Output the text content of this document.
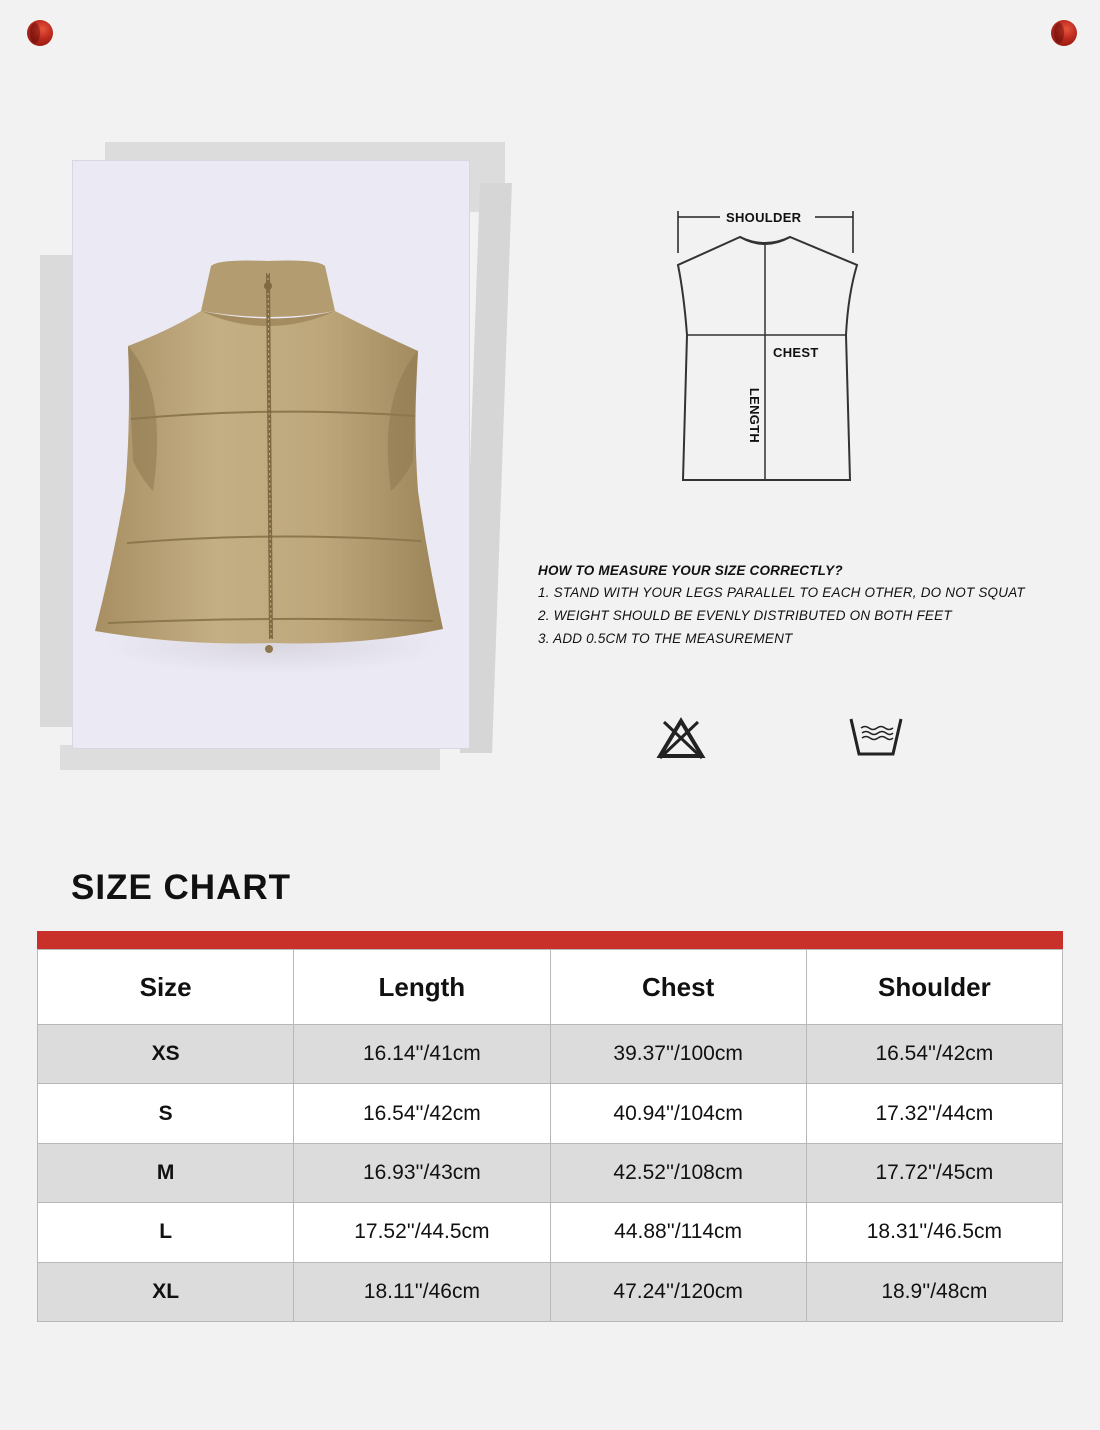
SHOULDER
CHEST
LENGTH
HOW TO MEASURE YOUR SIZE CORRECTLY?
1. STAND WITH YOUR LEGS PARALLEL TO EACH OTHER, DO NOT SQUAT
2. WEIGHT SHOULD BE EVENLY DISTRIBUTED ON BOTH FEET
3. ADD 0.5CM TO THE MEASUREMENT
SIZE CHART
Size	Length	Chest	Shoulder
XS	16.14''/41cm	39.37''/100cm	16.54''/42cm
S	16.54''/42cm	40.94''/104cm	17.32''/44cm
M	16.93''/43cm	42.52''/108cm	17.72''/45cm
L	17.52''/44.5cm	44.88''/114cm	18.31''/46.5cm
XL	18.11''/46cm	47.24''/120cm	18.9''/48cm
